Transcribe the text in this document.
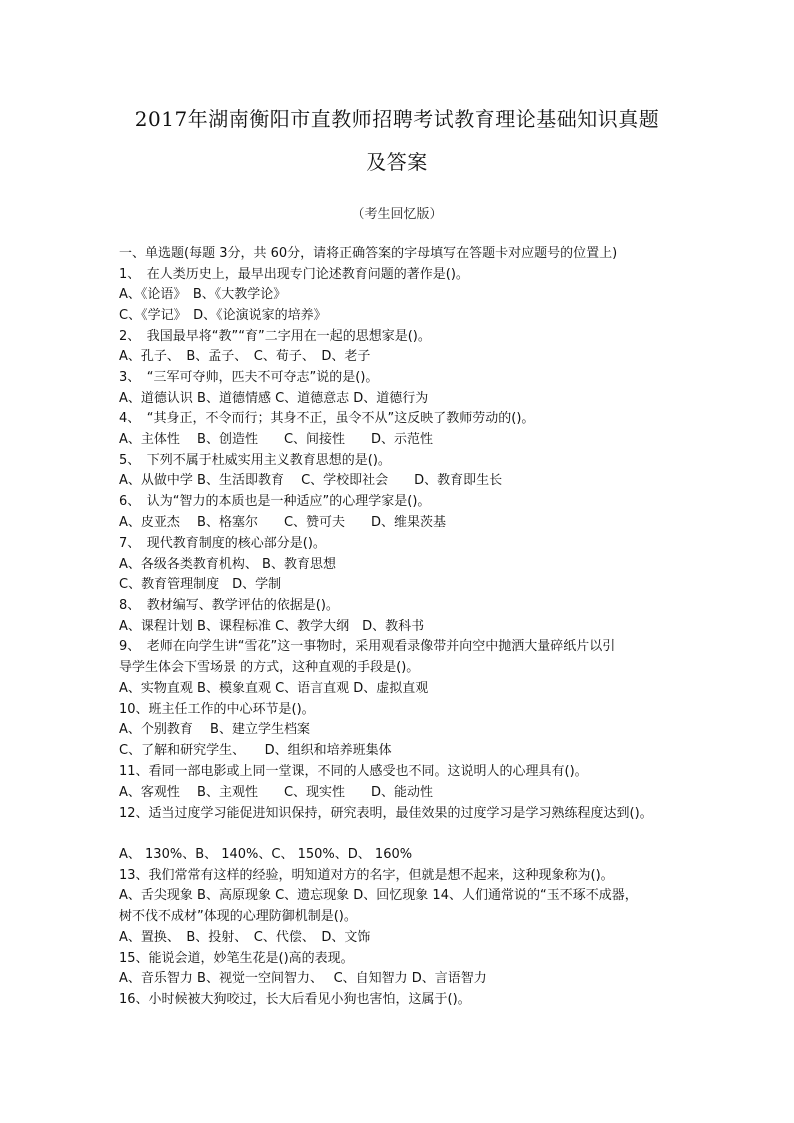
2017年湖南衡阳市直教师招聘考试教育理论基础知识真题
及答案
（考生回忆版）
一、单选题(每题 3分，共 60分，请将正确答案的字母填写在答题卡对应题号的位置上)
1、　在人类历史上，最早出现专门论述教育问题的著作是()。
A、《论语》　B、《大教学论》
C、《学记》　D、《论演说家的培养》
2、　我国最早将“教”“育”二字用在一起的思想家是()。
A、孔子、　B、孟子、　C、荀子、　D、老子
3、　“三军可夺帅，匹夫不可夺志”说的是()。
A、道德认识 B、道德情感 C、道德意志 D、道德行为
4、　“其身正，不令而行；其身不正，虽令不从”这反映了教师劳动的()。
A、主体性　 B、创造性　　C、间接性　　D、示范性
5、　下列不属于杜威实用主义教育思想的是()。
A、从做中学 B、生活即教育　 C、学校即社会　　D、教育即生长
6、　认为“智力的本质也是一种适应”的心理学家是()。
A、皮亚杰　 B、格塞尔　　C、赞可夫　　D、维果茨基
7、　现代教育制度的核心部分是()。
A、各级各类教育机构、 B、教育思想
C、教育管理制度　D、学制
8、　教材编写、教学评估的依据是()。
A、课程计划 B、课程标准 C、教学大纲　D、教科书
9、　老师在向学生讲“雪花”这一事物时，采用观看录像带并向空中抛洒大量碎纸片以引
导学生体会下雪场景 的方式，这种直观的手段是()。
A、实物直观 B、模象直观 C、语言直观 D、虚拟直观
10、班主任工作的中心环节是()。
A、个别教育　 B、建立学生档案
C、了解和研究学生、　　D、组织和培养班集体
11、看同一部电影或上同一堂课，不同的人感受也不同。这说明人的心理具有()。
A、客观性　 B、主观性　　C、现实性　　D、能动性
12、适当过度学习能促进知识保持，研究表明，最佳效果的过度学习是学习熟练程度达到()。
A、 130%、B、 140%、C、 150%、D、 160%
13、我们常常有这样的经验，明知道对方的名字，但就是想不起来，这种现象称为()。
A、舌尖现象 B、高原现象 C、遗忘现象 D、回忆现象 14、人们通常说的“玉不琢不成器，
树不伐不成材”体现的心理防御机制是()。
A、置换、　B、投射、　C、代偿、　D、文饰
15、能说会道，妙笔生花是()高的表现。
A、音乐智力 B、视觉一空间智力、　 C、自知智力 D、言语智力
16、小时候被大狗咬过，长大后看见小狗也害怕，这属于()。
